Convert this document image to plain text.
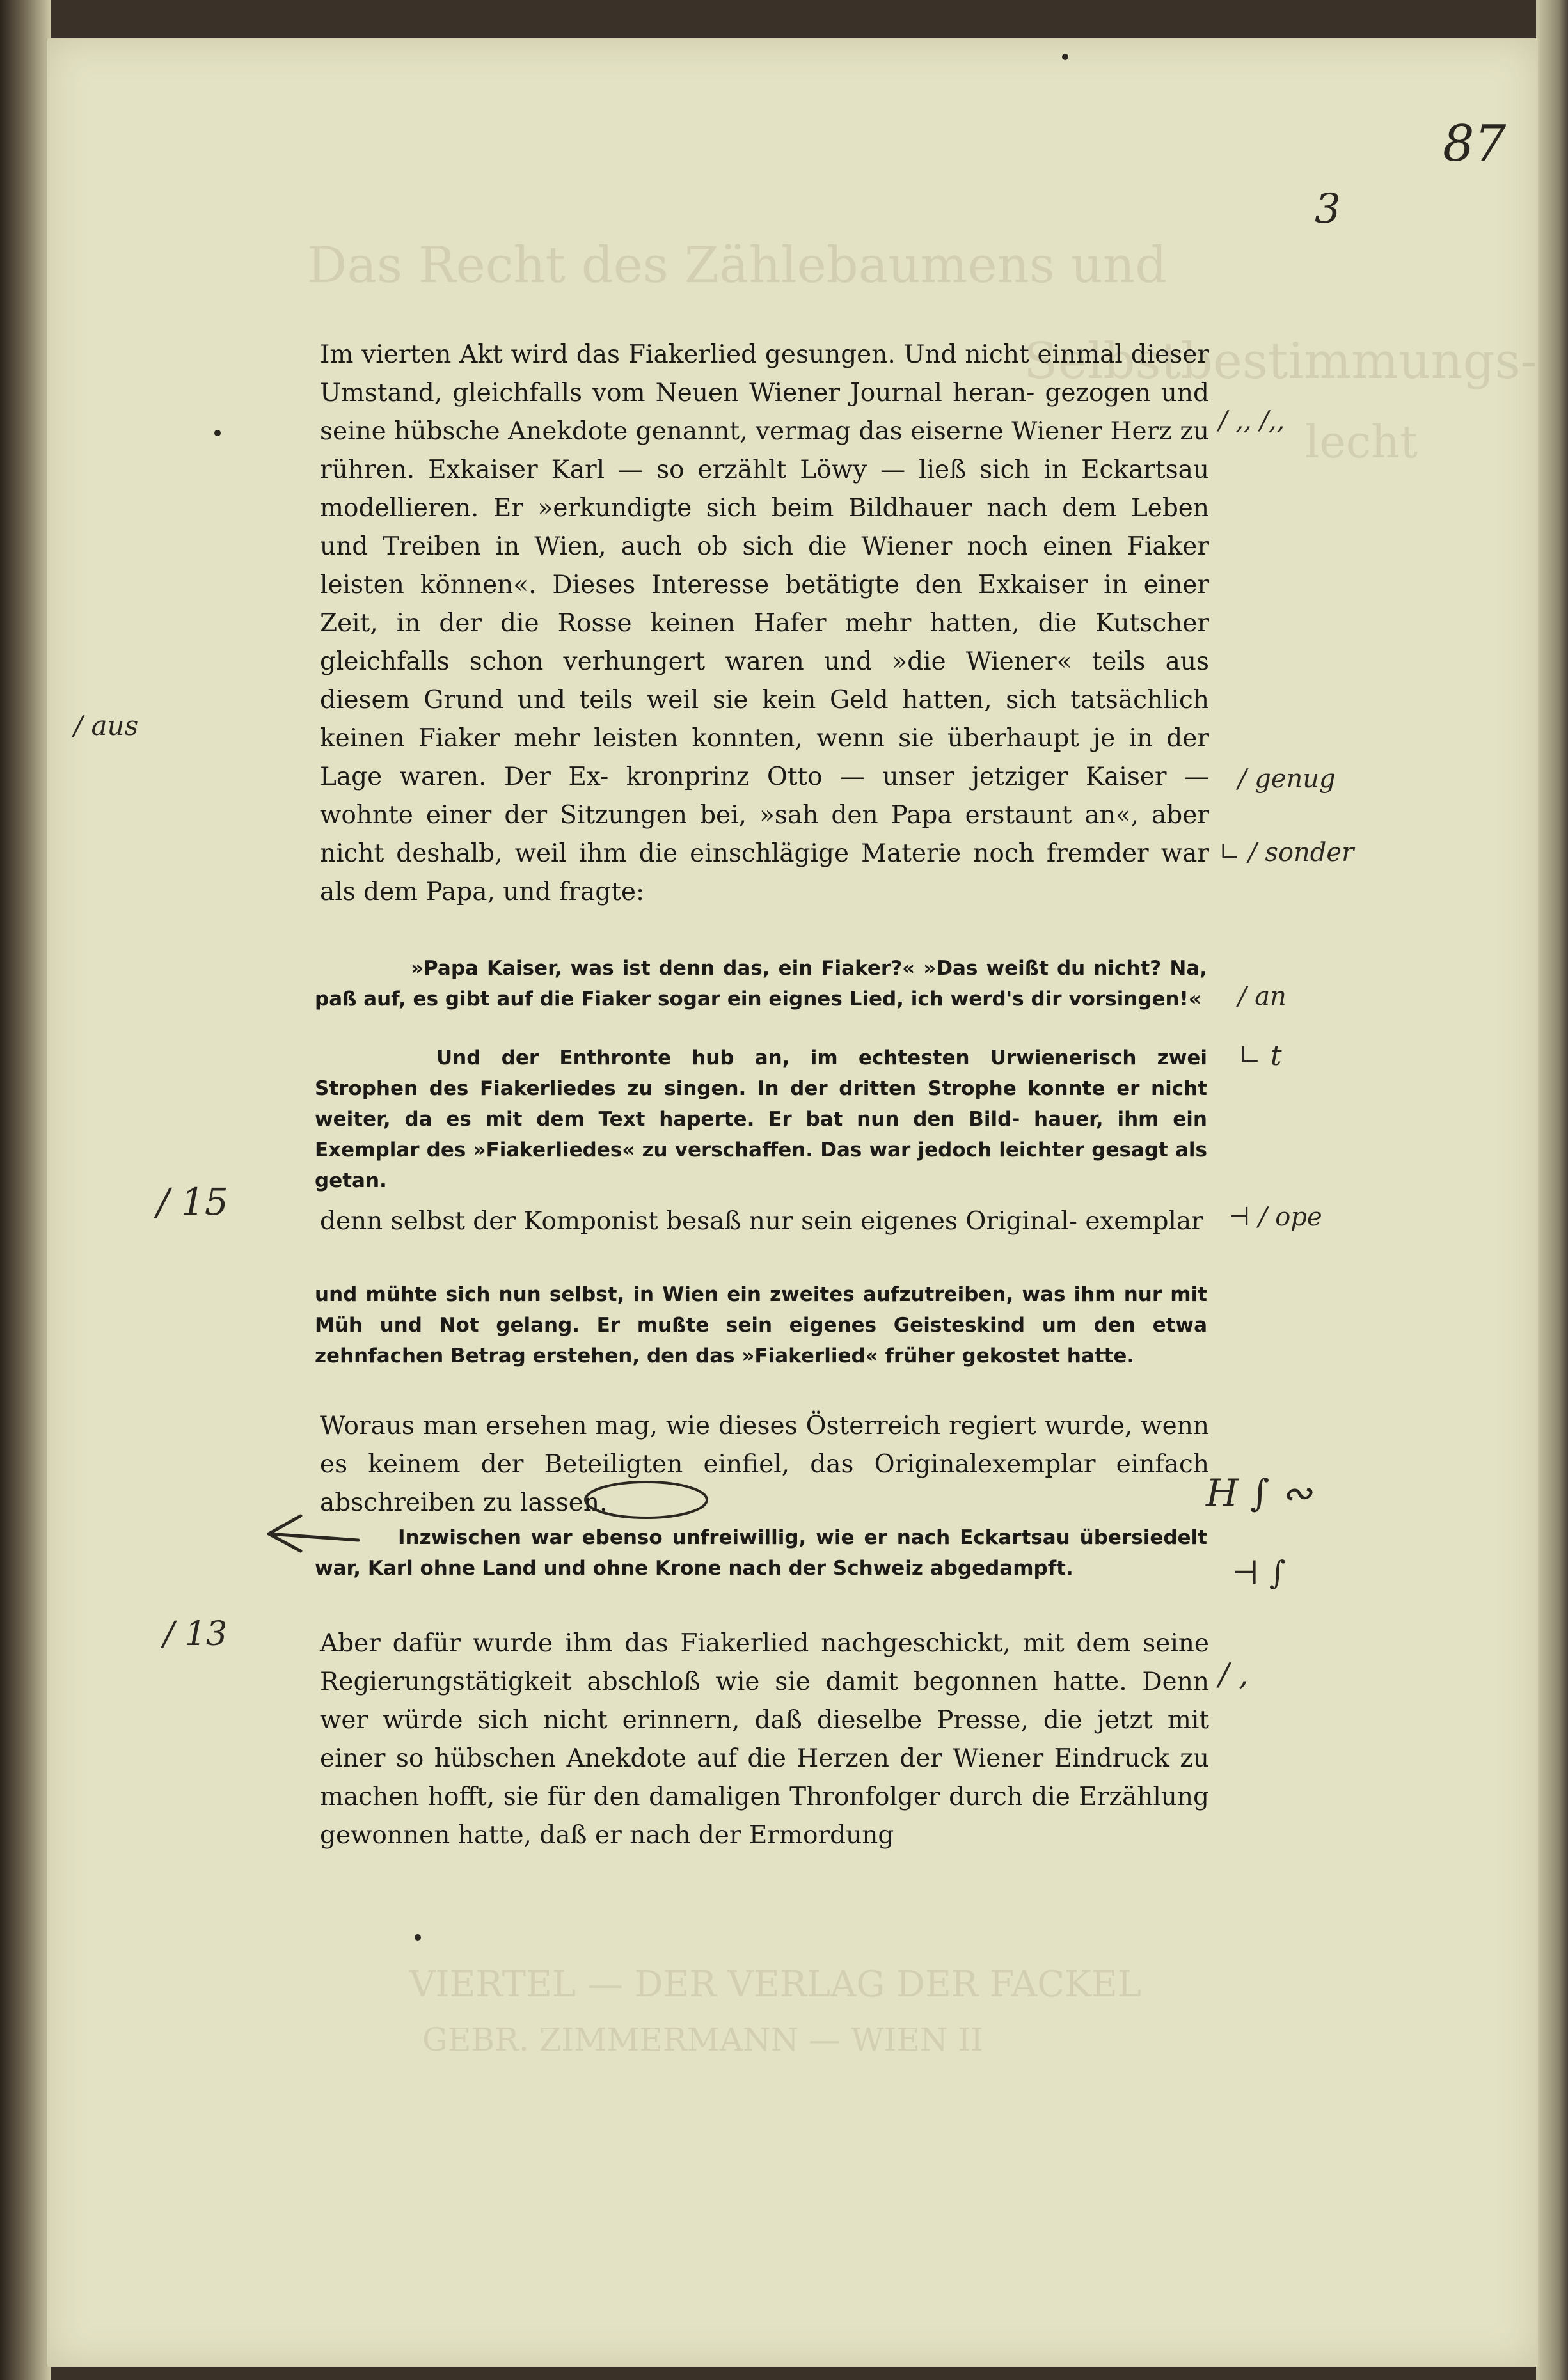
Das Recht des Zählebaumens und
Selbstbestimmungs-
lecht
VIERTEL — DER VERLAG DER FACKEL
GEBR. ZIMMERMANN — WIEN II
87
3

Im vierten Akt wird das Fiakerlied gesungen. Und nicht einmal dieser Umstand, gleichfalls vom Neuen Wiener Journal heran- gezogen und seine hübsche Anekdote genannt, vermag das eiserne Wiener Herz zu rühren. Exkaiser Karl — so erzählt Löwy — ließ sich in Eckartsau modellieren. Er »erkundigte sich beim Bildhauer nach dem Leben und Treiben in Wien, auch ob sich die Wiener noch einen Fiaker leisten können«. Dieses Interesse betätigte den Exkaiser in einer Zeit, in der die Rosse keinen Hafer mehr hatten, die Kutscher gleichfalls schon verhungert waren und »die Wiener« teils aus diesem Grund und teils weil sie kein Geld hatten, sich tatsächlich keinen Fiaker mehr leisten konnten, wenn sie überhaupt je in der Lage waren. Der Ex- kronprinz Otto — unser jetziger Kaiser — wohnte einer der Sitzungen bei, »sah den Papa erstaunt an«, aber nicht deshalb, weil ihm die einschlägige Materie noch fremder war als dem Papa, und fragte:

»Papa Kaiser, was ist denn das, ein Fiaker?« »Das weißt du nicht? Na, paß auf, es gibt auf die Fiaker sogar ein eignes Lied, ich werd's dir vorsingen!«

Und der Enthronte hub an, im echtesten Urwienerisch zwei Strophen des Fiakerliedes zu singen. In der dritten Strophe konnte er nicht weiter, da es mit dem Text haperte. Er bat nun den Bild- hauer, ihm ein Exemplar des »Fiakerliedes« zu verschaffen. Das war jedoch leichter gesagt als getan.

denn selbst der Komponist besaß nur sein eigenes Original- exemplar

und mühte sich nun selbst, in Wien ein zweites aufzutreiben, was ihm nur mit Müh und Not gelang. Er mußte sein eigenes Geisteskind um den etwa zehnfachen Betrag erstehen, den das »Fiakerlied« früher gekostet hatte.

Woraus man ersehen mag, wie dieses Österreich regiert wurde, wenn es keinem der Beteiligten einfiel, das Originalexemplar einfach abschreiben zu lassen.

Inzwischen war ebenso unfreiwillig, wie er nach Eckartsau übersiedelt war, Karl ohne Land und ohne Krone nach der Schweiz abgedampft.

Aber dafür wurde ihm das Fiakerlied nachgeschickt, mit dem seine Regierungstätigkeit abschloß wie sie damit begonnen hatte. Denn wer würde sich nicht erinnern, daß dieselbe Presse, die jetzt mit einer so hübschen Anekdote auf die Herzen der Wiener Eindruck zu machen hofft, sie für den damaligen Thronfolger durch die Erzählung gewonnen hatte, daß er nach der Ermordung

/ ,, /,,
/ aus
/ genug
∟ / sonder
/ an
∟ t
/ 15	⊣ / ope
H ∫ ∾
⊣ ∫
/ 13
/ ,
